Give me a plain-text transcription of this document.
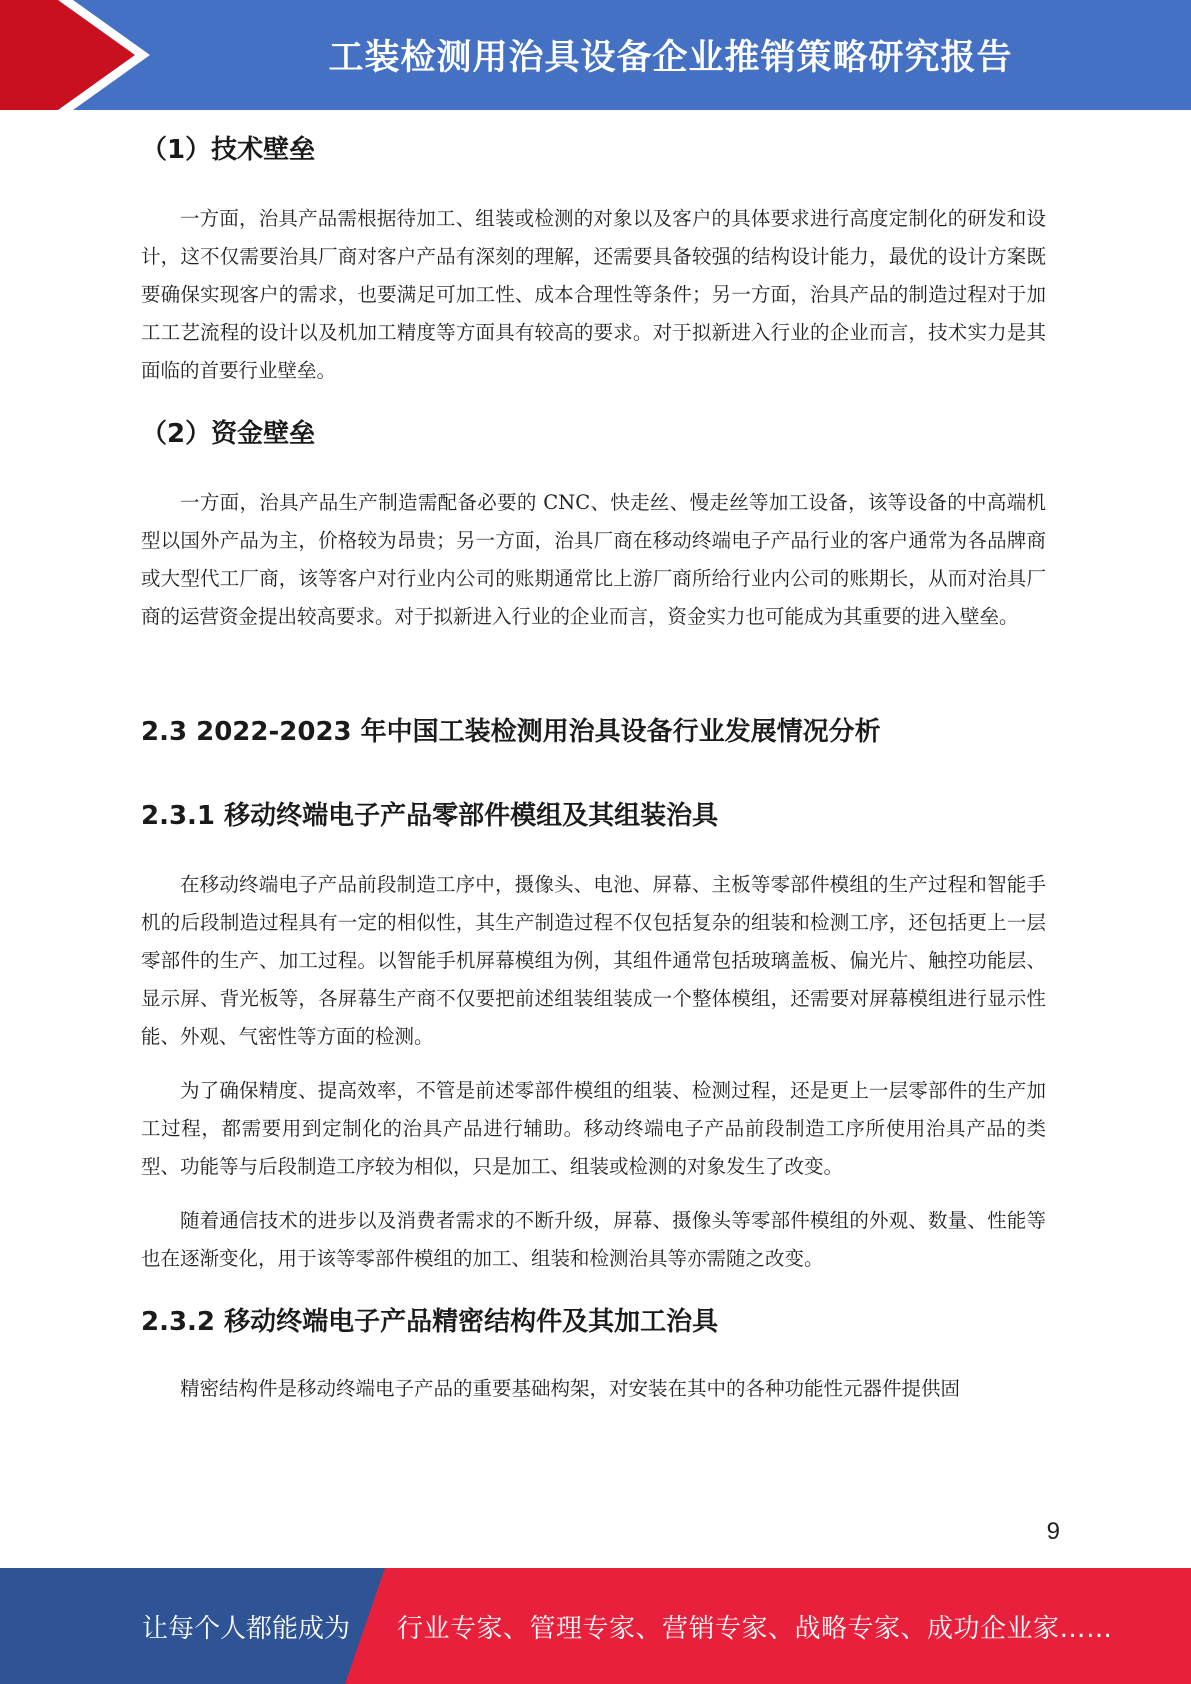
工装检测用治具设备企业推销策略研究报告
（1）技术壁垒

一方面，治具产品需根据待加工、组装或检测的对象以及客户的具体要求进行高度定制化的研发和设计，这不仅需要治具厂商对客户产品有深刻的理解，还需要具备较强的结构设计能力，最优的设计方案既要确保实现客户的需求，也要满足可加工性、成本合理性等条件；另一方面，治具产品的制造过程对于加工工艺流程的设计以及机加工精度等方面具有较高的要求。对于拟新进入行业的企业而言，技术实力是其面临的首要行业壁垒。

（2）资金壁垒

一方面，治具产品生产制造需配备必要的 CNC、快走丝、慢走丝等加工设备，该等设备的中高端机型以国外产品为主，价格较为昂贵；另一方面，治具厂商在移动终端电子产品行业的客户通常为各品牌商或大型代工厂商，该等客户对行业内公司的账期通常比上游厂商所给行业内公司的账期长，从而对治具厂商的运营资金提出较高要求。对于拟新进入行业的企业而言，资金实力也可能成为其重要的进入壁垒。

2.3 2022-2023 年中国工装检测用治具设备行业发展情况分析
2.3.1 移动终端电子产品零部件模组及其组装治具

在移动终端电子产品前段制造工序中，摄像头、电池、屏幕、主板等零部件模组的生产过程和智能手机的后段制造过程具有一定的相似性，其生产制造过程不仅包括复杂的组装和检测工序，还包括更上一层零部件的生产、加工过程。以智能手机屏幕模组为例，其组件通常包括玻璃盖板、偏光片、触控功能层、显示屏、背光板等，各屏幕生产商不仅要把前述组装组装成一个整体模组，还需要对屏幕模组进行显示性能、外观、气密性等方面的检测。

为了确保精度、提高效率，不管是前述零部件模组的组装、检测过程，还是更上一层零部件的生产加工过程，都需要用到定制化的治具产品进行辅助。移动终端电子产品前段制造工序所使用治具产品的类型、功能等与后段制造工序较为相似，只是加工、组装或检测的对象发生了改变。

随着通信技术的进步以及消费者需求的不断升级，屏幕、摄像头等零部件模组的外观、数量、性能等也在逐渐变化，用于该等零部件模组的加工、组装和检测治具等亦需随之改变。

2.3.2 移动终端电子产品精密结构件及其加工治具

精密结构件是移动终端电子产品的重要基础构架，对安装在其中的各种功能性元器件提供固

9
让每个人都能成为 行业专家、管理专家、营销专家、战略专家、成功企业家……
